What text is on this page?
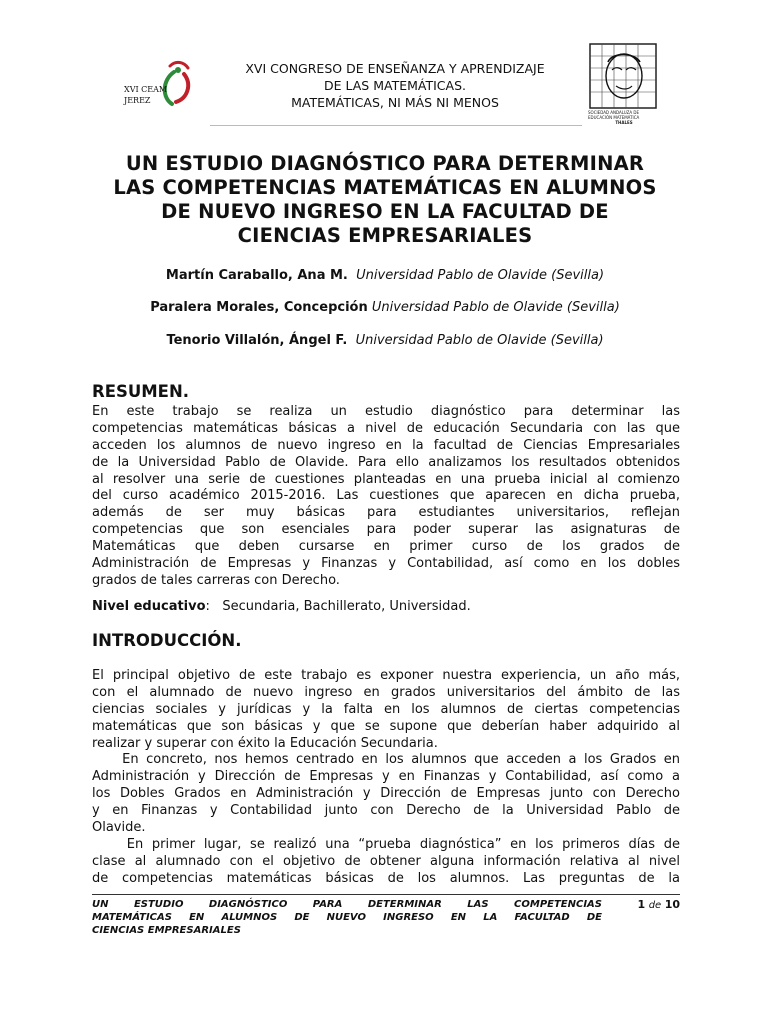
XVI CEAM
JEREZ
XVI CONGRESO DE ENSEÑANZA Y APRENDIZAJE
DE LAS MATEMÁTICAS.
MATEMÁTICAS, NI MÁS NI MENOS
SOCIEDAD ANDALUZA DE
EDUCACIÓN MATEMÁTICA
THALES
UN ESTUDIO DIAGNÓSTICO PARA DETERMINAR
LAS COMPETENCIAS MATEMÁTICAS EN ALUMNOS
DE NUEVO INGRESO EN LA FACULTAD DE
CIENCIAS EMPRESARIALES
Martín Caraballo, Ana M. Universidad Pablo de Olavide (Sevilla)
Paralera Morales, Concepción Universidad Pablo de Olavide (Sevilla)
Tenorio Villalón, Ángel F. Universidad Pablo de Olavide (Sevilla)
RESUMEN.
En este trabajo se realiza un estudio diagnóstico para determinar las
competencias matemáticas básicas a nivel de educación Secundaria con las que
acceden los alumnos de nuevo ingreso en la facultad de Ciencias Empresariales
de la Universidad Pablo de Olavide. Para ello analizamos los resultados obtenidos
al resolver una serie de cuestiones planteadas en una prueba inicial al comienzo
del curso académico 2015-2016. Las cuestiones que aparecen en dicha prueba,
además de ser muy básicas para estudiantes universitarios, reflejan
competencias que son esenciales para poder superar las asignaturas de
Matemáticas que deben cursarse en primer curso de los grados de
Administración de Empresas y Finanzas y Contabilidad, así como en los dobles
grados de tales carreras con Derecho.
Nivel educativo: Secundaria, Bachillerato, Universidad.
INTRODUCCIÓN.
El principal objetivo de este trabajo es exponer nuestra experiencia, un año más,
con el alumnado de nuevo ingreso en grados universitarios del ámbito de las
ciencias sociales y jurídicas y la falta en los alumnos de ciertas competencias
matemáticas que son básicas y que se supone que deberían haber adquirido al
realizar y superar con éxito la Educación Secundaria.
En concreto, nos hemos centrado en los alumnos que acceden a los Grados en
Administración y Dirección de Empresas y en Finanzas y Contabilidad, así como a
los Dobles Grados en Administración y Dirección de Empresas junto con Derecho
y en Finanzas y Contabilidad junto con Derecho de la Universidad Pablo de
Olavide.
En primer lugar, se realizó una “prueba diagnóstica” en los primeros días de
clase al alumnado con el objetivo de obtener alguna información relativa al nivel
de competencias matemáticas básicas de los alumnos. Las preguntas de la
UN ESTUDIO DIAGNÓSTICO PARA DETERMINAR LAS COMPETENCIAS
MATEMÁTICAS EN ALUMNOS DE NUEVO INGRESO EN LA FACULTAD DE
CIENCIAS EMPRESARIALES
1 de 10
